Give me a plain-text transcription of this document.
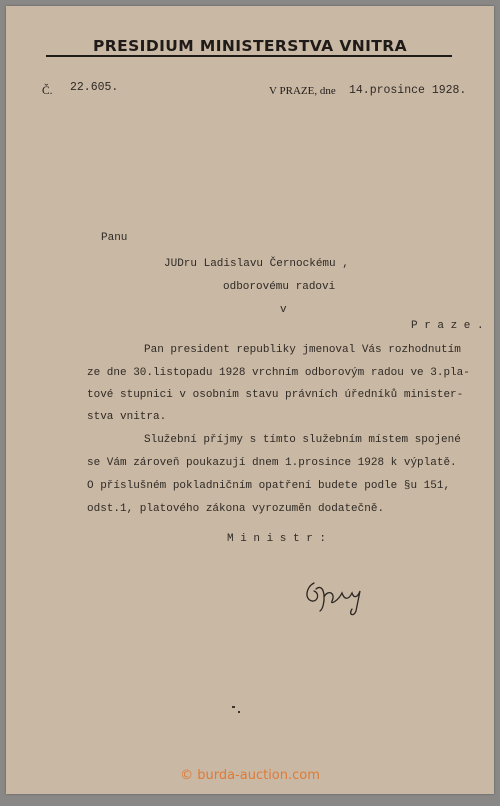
PRESIDIUM MINISTERSTVA VNITRA
Č. 22.605.	V PRAZE, dne 14.prosince 1928.
Panu
JUDru Ladislavu Černockému ,
odborovému radovi
v
P r a z e .
Pan president republiky jmenoval Vás rozhodnutím
ze dne 30.listopadu 1928 vrchním odborovým radou ve 3.pla-
tové stupnici v osobním stavu právních úředníků minister-
stva vnitra.
Služební příjmy s tímto služebním místem spojené
se Vám zároveň poukazují dnem 1.prosince 1928 k výplatě.
O příslušném pokladničním opatření budete podle §u 151,
odst.1, platového zákona vyrozuměn dodatečně.
M i n i s t r :
© burda-auction.com
